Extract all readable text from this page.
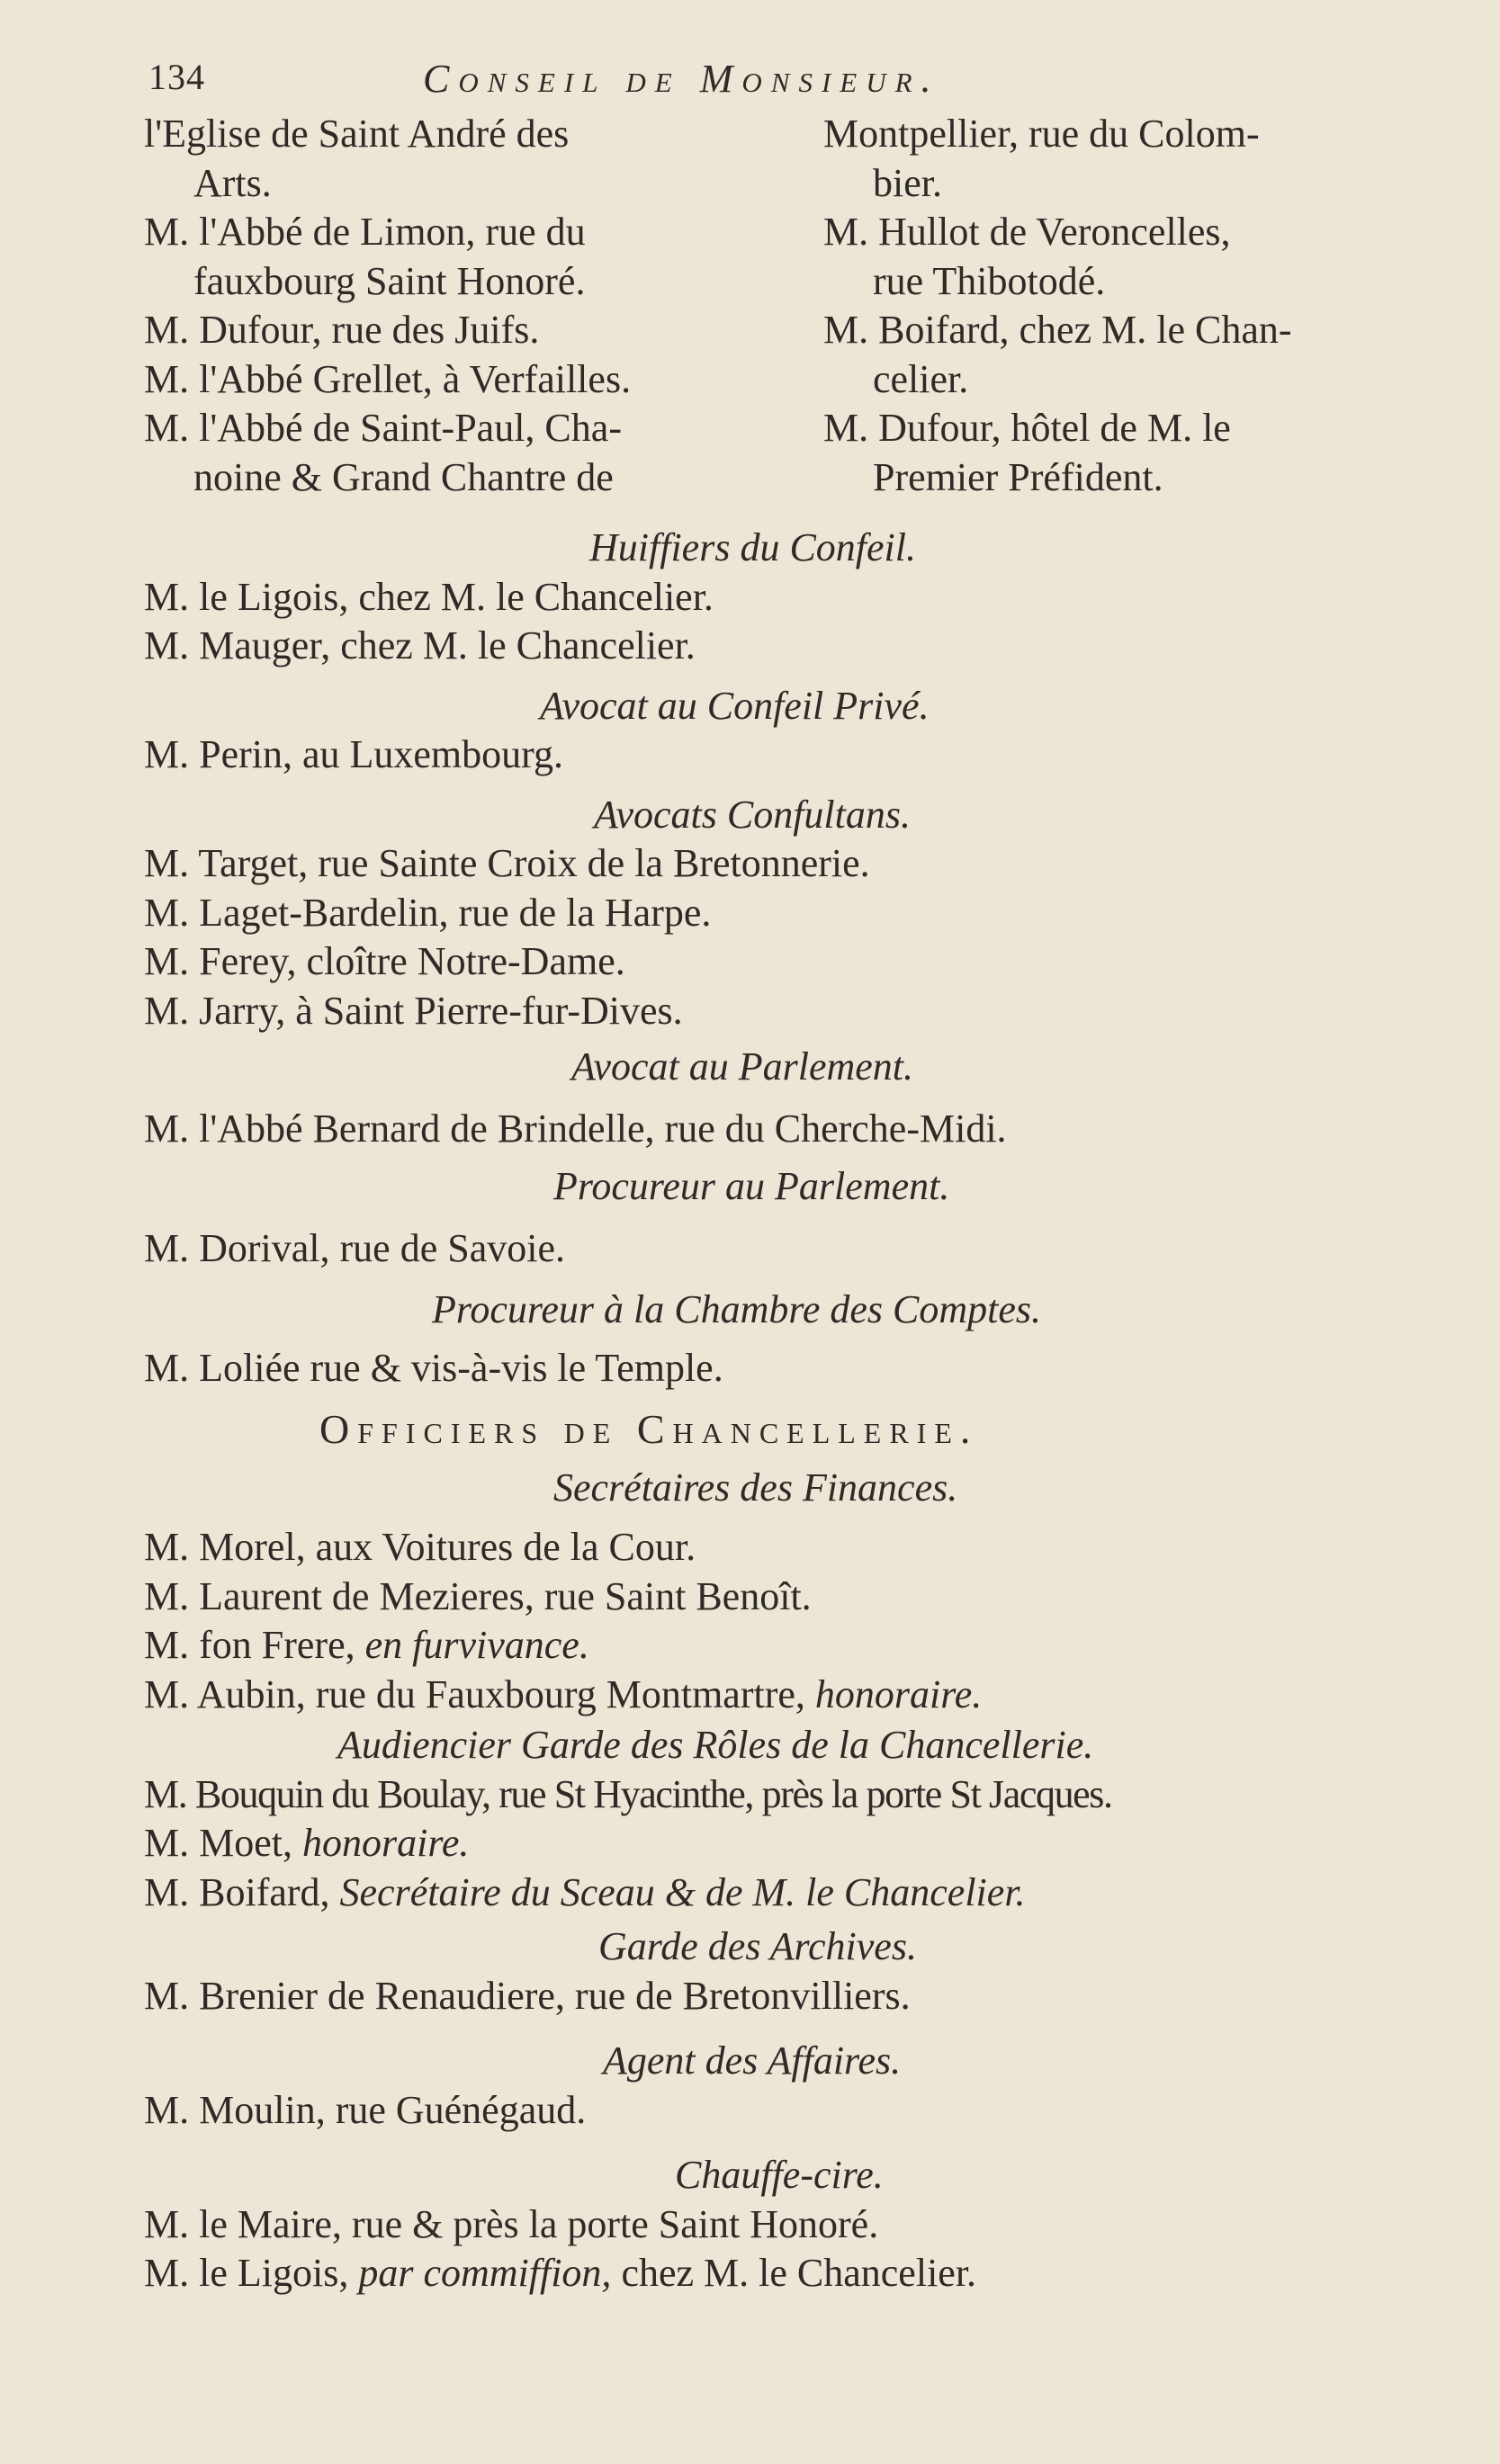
134	Conseil de Monsieur.

l'Eglise de Saint André des
Arts.

M. l'Abbé de Limon, rue du
fauxbourg Saint Honoré.

M. Dufour, rue des Juifs.

M. l'Abbé Grellet, à Verfailles.

M. l'Abbé de Saint-Paul, Cha-
noine & Grand Chantre de

Montpellier, rue du Colom-
bier.

M. Hullot de Veroncelles,
rue Thibotodé.

M. Boifard, chez M. le Chan-
celier.

M. Dufour, hôtel de M. le
Premier Préfident.

Huiffiers du Confeil.

M. le Ligois, chez M. le Chancelier.

M. Mauger, chez M. le Chancelier.

Avocat au Confeil Privé.

M. Perin, au Luxembourg.

Avocats Confultans.

M. Target, rue Sainte Croix de la Bretonnerie.

M. Laget-Bardelin, rue de la Harpe.

M. Ferey, cloître Notre-Dame.

M. Jarry, à Saint Pierre-fur-Dives.

Avocat au Parlement.

M. l'Abbé Bernard de Brindelle, rue du Cherche-Midi.

Procureur au Parlement.

M. Dorival, rue de Savoie.

Procureur à la Chambre des Comptes.

M. Loliée rue & vis-à-vis le Temple.

Officiers de Chancellerie.

Secrétaires des Finances.

M. Morel, aux Voitures de la Cour.

M. Laurent de Mezieres, rue Saint Benoît.

M. fon Frere, en furvivance.

M. Aubin, rue du Fauxbourg Montmartre, honoraire.

Audiencier Garde des Rôles de la Chancellerie.

M. Bouquin du Boulay, rue St Hyacinthe, près la porte St Jacques.

M. Moet, honoraire.

M. Boifard, Secrétaire du Sceau & de M. le Chancelier.

Garde des Archives.

M. Brenier de Renaudiere, rue de Bretonvilliers.

Agent des Affaires.

M. Moulin, rue Guénégaud.

Chauffe-cire.

M. le Maire, rue & près la porte Saint Honoré.

M. le Ligois, par commiffion, chez M. le Chancelier.
